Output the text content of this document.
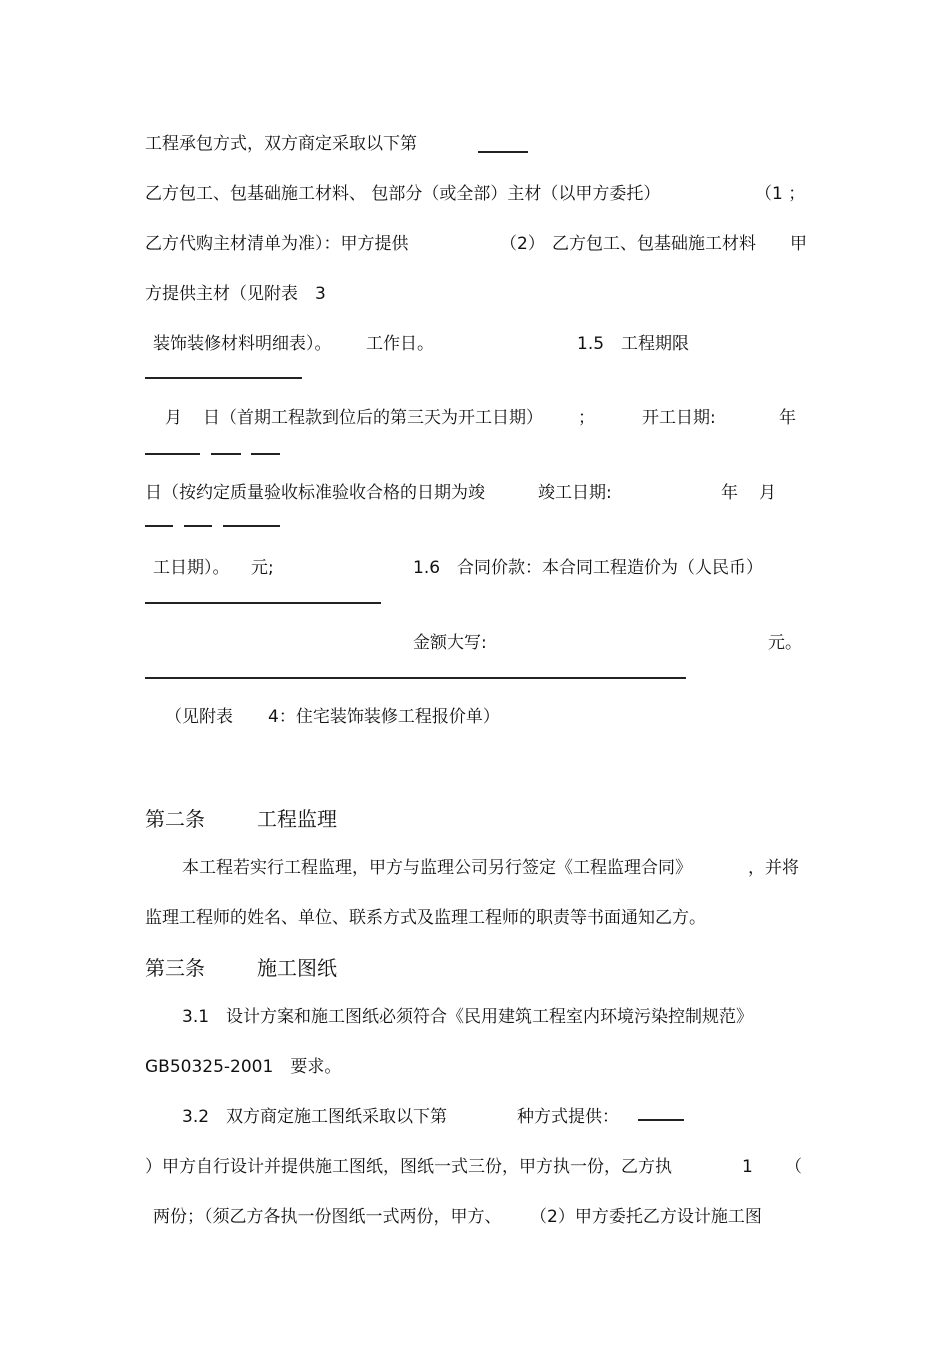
工程承包方式，双方商定采取以下第
乙方包工、包基础施工材料、 包部分（或全部）主材（以甲方委托）	（1 ；
乙方代购主材清单为准）：甲方提供	（2） 乙方包工、包基础施工材料 甲
方提供主材（见附表　3
装饰装修材料明细表）。 工作日。	1.5　工程期限
月 日（首期工程款到位后的第三天为开工日期） ；	开工日期:	年
日（按约定质量验收标准验收合格的日期为竣	竣工日期:	年 月
工日期）。 元;	1.6　合同价款：本合同工程造价为（人民币）
金额大写:	元。
（见附表 4：住宅装饰装修工程报价单）
第二条	工程监理
本工程若实行工程监理，甲方与监理公司另行签定《工程监理合同》	，并将
监理工程师的姓名、单位、联系方式及监理工程师的职责等书面通知乙方。
第三条	施工图纸
3.1　设计方案和施工图纸必须符合《民用建筑工程室内环境污染控制规范》
GB50325-2001　要求。
3.2　双方商定施工图纸采取以下第	种方式提供：
）甲方自行设计并提供施工图纸，图纸一式三份，甲方执一份，乙方执	1 （
两份；（须乙方各执一份图纸一式两份，甲方、 （2）甲方委托乙方设计施工图
